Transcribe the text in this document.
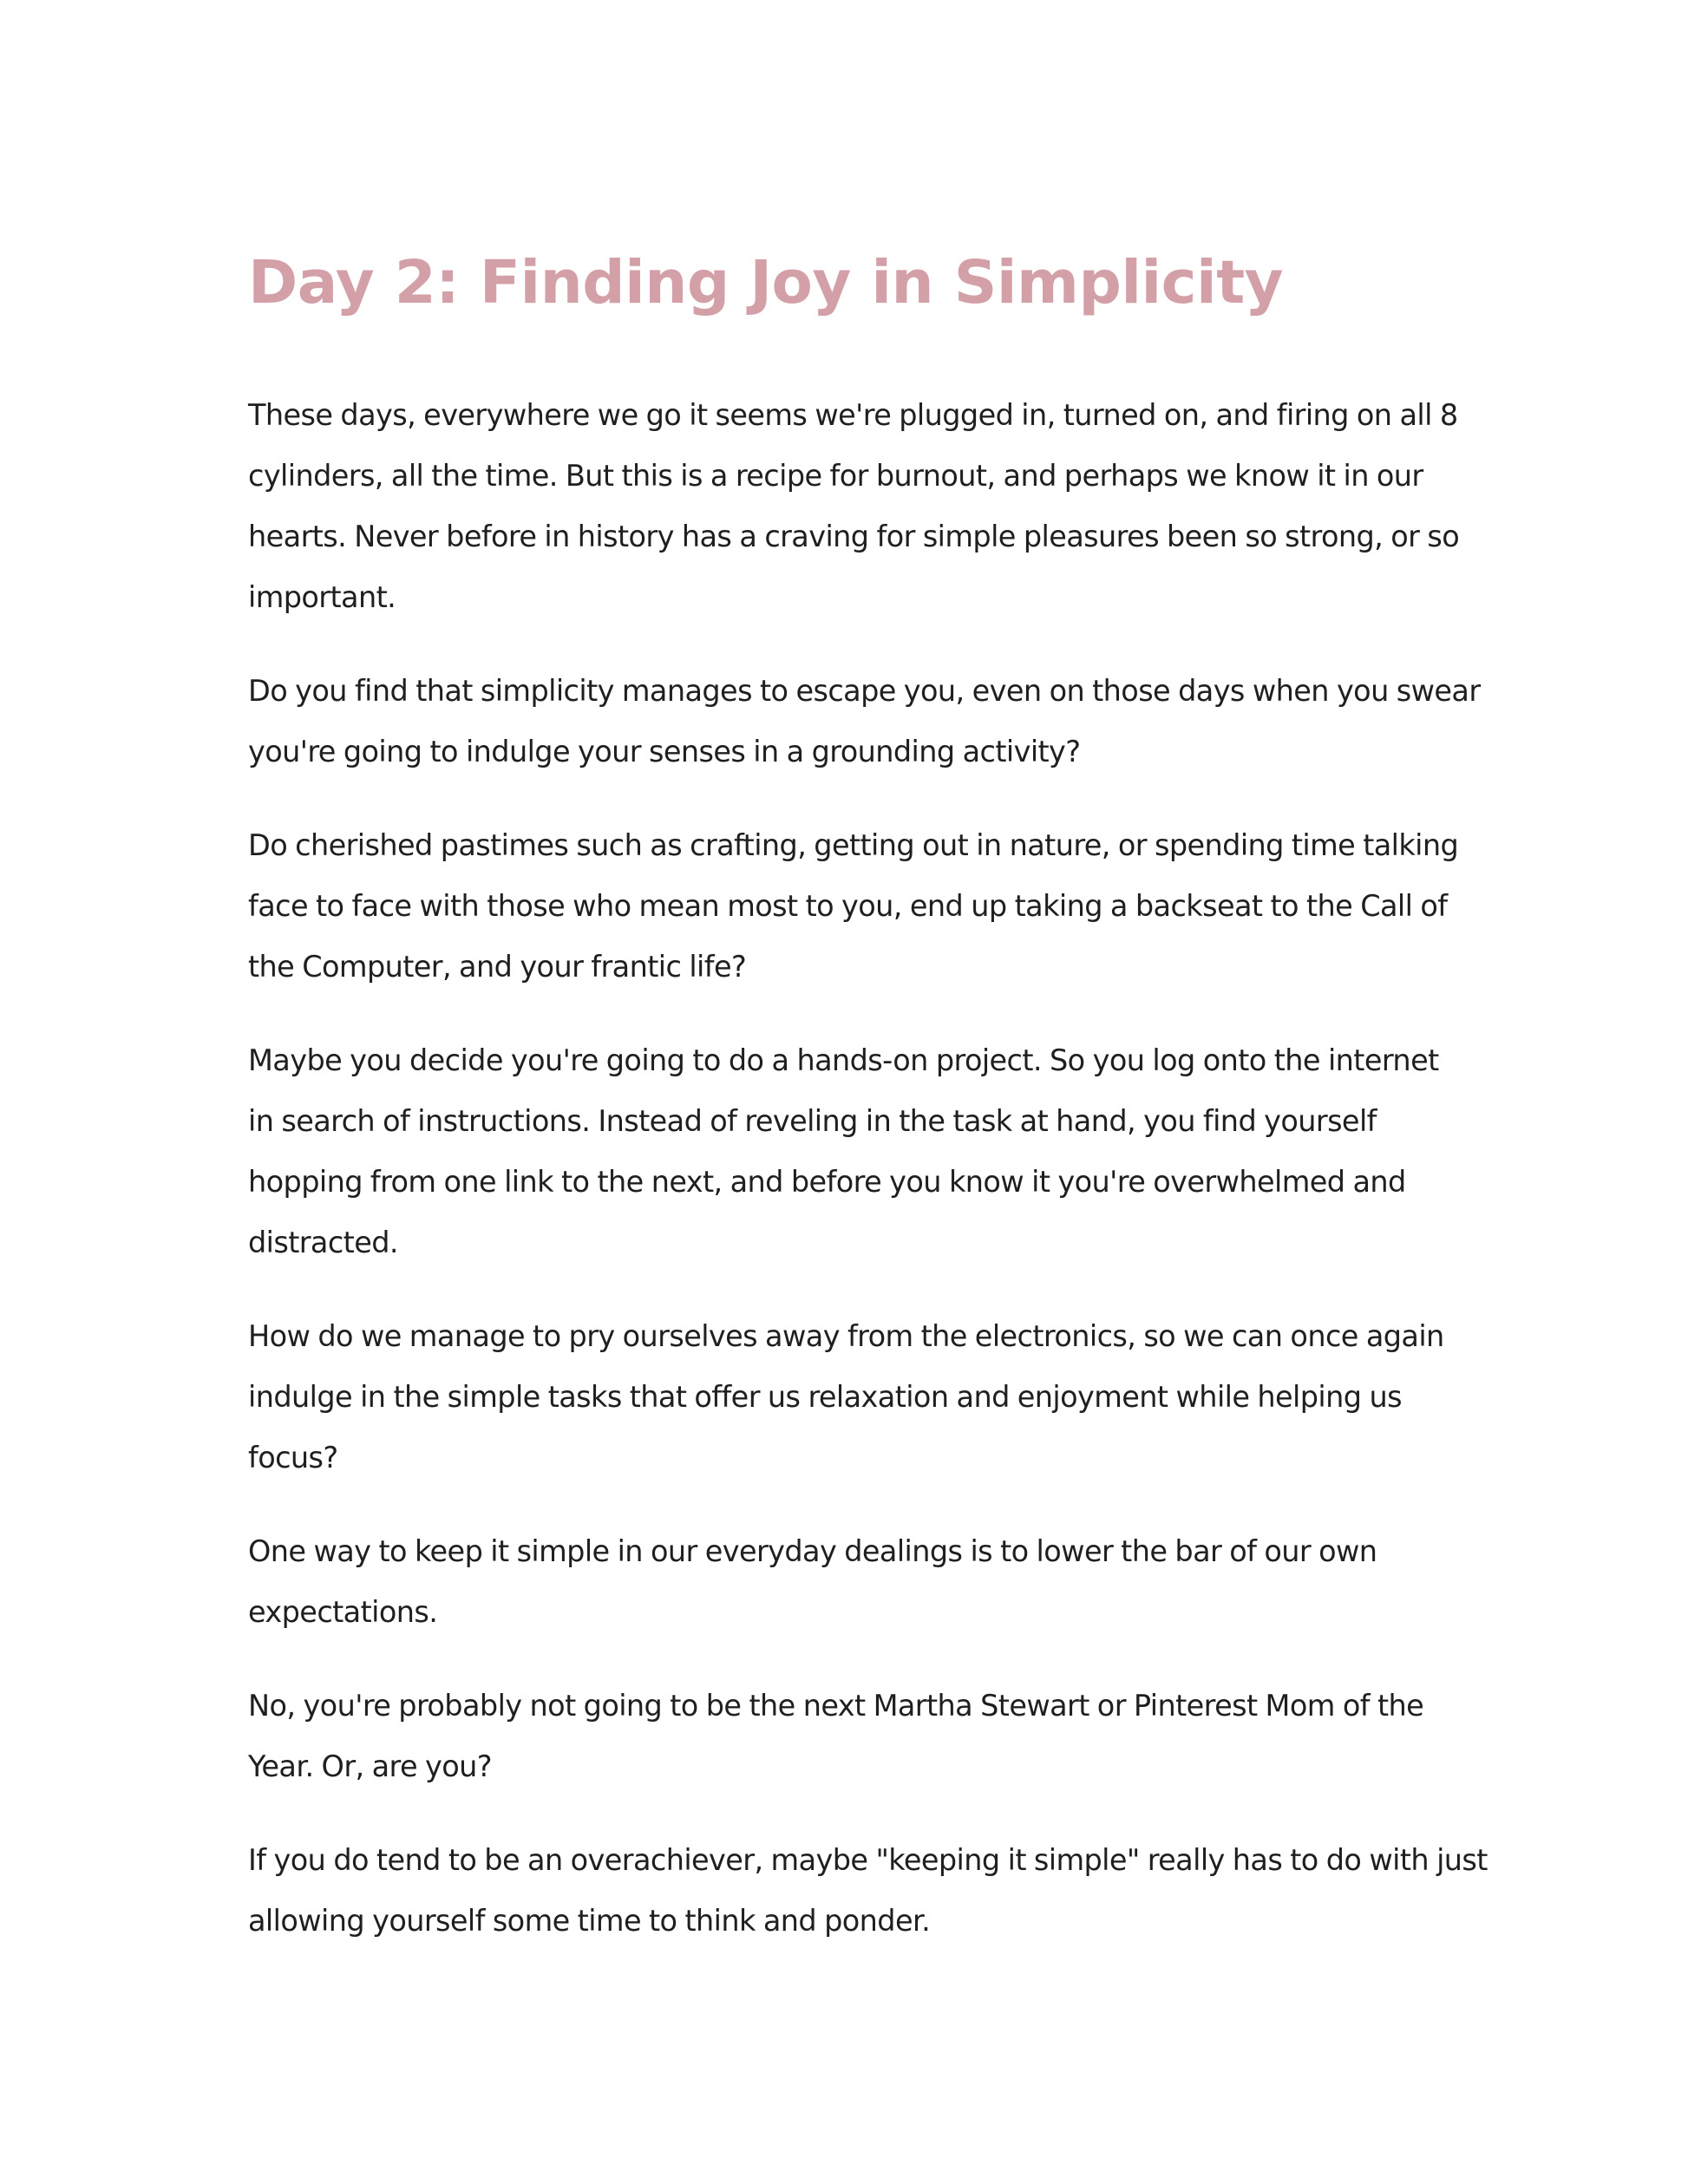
Day 2: Finding Joy in Simplicity

These days, everywhere we go it seems we're plugged in, turned on, and firing on all 8
cylinders, all the time. But this is a recipe for burnout, and perhaps we know it in our
hearts. Never before in history has a craving for simple pleasures been so strong, or so
important.

Do you find that simplicity manages to escape you, even on those days when you swear
you're going to indulge your senses in a grounding activity?

Do cherished pastimes such as crafting, getting out in nature, or spending time talking
face to face with those who mean most to you, end up taking a backseat to the Call of
the Computer, and your frantic life?

Maybe you decide you're going to do a hands-on project. So you log onto the internet
in search of instructions. Instead of reveling in the task at hand, you find yourself
hopping from one link to the next, and before you know it you're overwhelmed and
distracted.

How do we manage to pry ourselves away from the electronics, so we can once again
indulge in the simple tasks that offer us relaxation and enjoyment while helping us
focus?

One way to keep it simple in our everyday dealings is to lower the bar of our own
expectations.

No, you're probably not going to be the next Martha Stewart or Pinterest Mom of the
Year. Or, are you?

If you do tend to be an overachiever, maybe "keeping it simple" really has to do with just
allowing yourself some time to think and ponder.
